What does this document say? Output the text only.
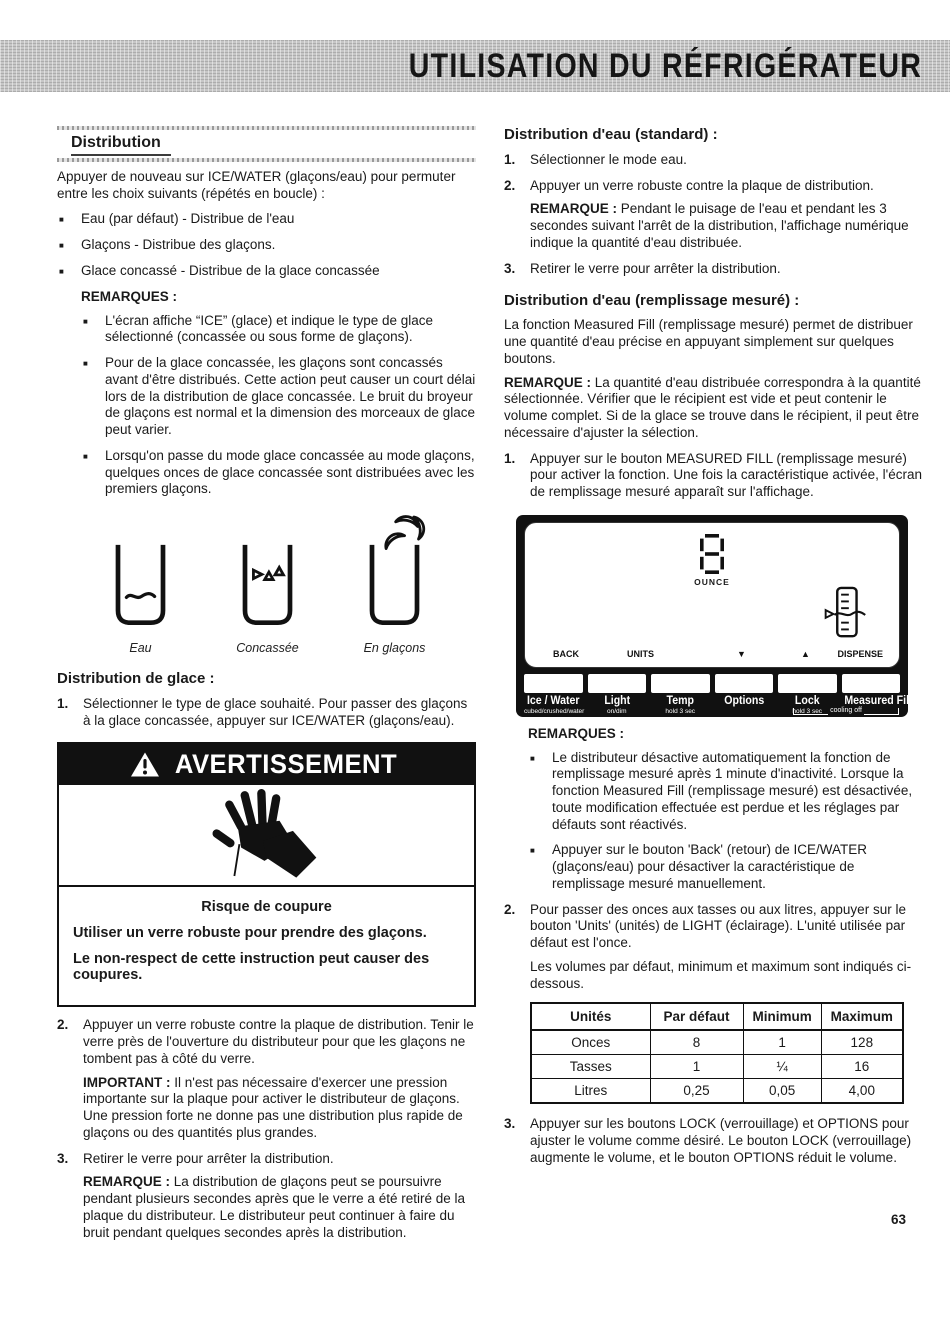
UTILISATION DU RÉFRIGÉRATEUR
Distribution

Appuyer de nouveau sur ICE/WATER (glaçons/eau) pour permuter entre les choix suivants (répétés en boucle) :

■	Eau (par défaut) - Distribue de l'eau
■	Glaçons - Distribue des glaçons.
■	Glace concassé - Distribue de la glace concassée
REMARQUES :
■	L'écran affiche “ICE” (glace) et indique le type de glace sélectionné (concassée ou sous forme de glaçons).
■	Pour de la glace concassée, les glaçons sont concassés avant d'être distribués. Cette action peut causer un court délai lors de la distribution de glace concassée. Le bruit du broyeur de glaçons est normal et la dimension des morceaux de glace peut varier.
■	Lorsqu'on passe du mode glace concassée au mode glaçons, quelques onces de glace concassée sont distribuées avec les premiers glaçons.
Eau	Concassée	En glaçons
Distribution de glace :
1.	Sélectionner le type de glace souhaité. Pour passer des glaçons à la glace concassée, appuyer sur ICE/WATER (glaçons/eau).
AVERTISSEMENT
Risque de coupure
Utiliser un verre robuste pour prendre des glaçons.
Le non-respect de cette instruction peut causer des coupures.
2.	Appuyer un verre robuste contre la plaque de distribution. Tenir le verre près de l'ouverture du distributeur pour que les glaçons ne tombent pas à côté du verre.
IMPORTANT : Il n'est pas nécessaire d'exercer une pression importante sur la plaque pour activer le distributeur de glaçons. Une pression forte ne donne pas une distribution plus rapide de glaçons ou des quantités plus grandes.
3.	Retirer le verre pour arrêter la distribution.
REMARQUE : La distribution de glaçons peut se poursuivre pendant plusieurs secondes après que le verre a été retiré de la plaque du distributeur. Le distributeur peut continuer à faire du bruit pendant quelques secondes après la distribution.
Distribution d'eau (standard) :
1.	Sélectionner le mode eau.
2.	Appuyer un verre robuste contre la plaque de distribution.
REMARQUE : Pendant le puisage de l'eau et pendant les 3 secondes suivant l'arrêt de la distribution, l'affichage numérique indique la quantité d'eau distribuée.
3.	Retirer le verre pour arrêter la distribution.
Distribution d'eau (remplissage mesuré) :

La fonction Measured Fill (remplissage mesuré) permet de distribuer une quantité d'eau précise en appuyant simplement sur quelques boutons.

REMARQUE : La quantité d'eau distribuée correspondra à la quantité sélectionnée. Vérifier que le récipient est vide et peut contenir le volume complet. Si de la glace se trouve dans le récipient, il peut être nécessaire d'ajuster la sélection.

1.	Appuyer sur le bouton MEASURED FILL (remplissage mesuré) pour activer la fonction. Une fois la caractéristique activée, l'écran de remplissage mesuré apparaît sur l'affichage.
OUNCE
BACK	UNITS	▼	▲	DISPENSE
Ice / Water
cubed/crushed/water
Light
on/dim
Temp
hold 3 sec
Options	Lock
hold 3 sec
Measured Fill
cooling off
REMARQUES :
■	Le distributeur désactive automatiquement la fonction de remplissage mesuré après 1 minute d'inactivité. Lorsque la fonction Measured Fill (remplissage mesuré) est désactivée, toute modification effectuée est perdue et les réglages par défauts sont réactivés.
■	Appuyer sur le bouton 'Back' (retour) de ICE/WATER (glaçons/eau) pour désactiver la caractéristique de remplissage mesuré manuellement.
2.	Pour passer des onces aux tasses ou aux litres, appuyer sur le bouton 'Units' (unités) de LIGHT (éclairage). L'unité utilisée par défaut est l'once.
Les volumes par défaut, minimum et maximum sont indiqués ci-dessous.
Unités	Par défaut	Minimum	Maximum
Onces	8	1	128
Tasses	1	¼	16
Litres	0,25	0,05	4,00
3.	Appuyer sur les boutons LOCK (verrouillage) et OPTIONS pour ajuster le volume comme désiré. Le bouton LOCK (verrouillage) augmente le volume, et le bouton OPTIONS réduit le volume.
63
